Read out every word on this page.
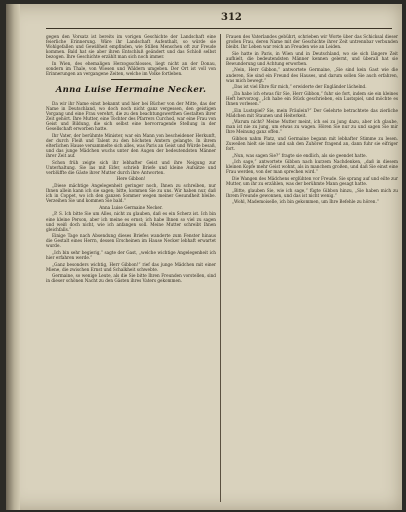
312

gegen den Vorsatz ist bereits im vorigen Geschichte der Landschaft eine feierliche Erinnerung. Wäre ihr Landschaft Aufenthalt, so würde sie Wohlgefallen und Gewißheit empfinden, wie Stillen Menschen oft zur Freude kommen. Bald hat sie aber ihren Entschluß geändert und das Schloß selbst bezogen. Ihre Geschichte erzählt man sich noch immer.

In Wien, des ehemaligen Herzogsschlosses, liegt nicht an der Donau, sondern im Thale, von Wiesen und Wäldern umgeben. Der Ort ist voll von Erinnerungen an vergangene Zeiten, welche im Volke fortleben.

Anna Luise Hermaine Necker.

Da wir ihr Name einst bekannt und hier bei Bücher von der Mitte, das der Name in Deutschland, wo doch noch nicht ganz vergessen, den geistigen Vorgang und eine Frau verehrt, die zu den beachtungswerthen Gestalten ihrer Zeit gehört. Ihre Mutter, eine Tochter des Pfarrers Curchod, war eine Frau von Geist und Bildung, die sich selbst eine hervorragende Stellung in der Gesellschaft erworben hatte.

Ihr Vater, der berühmte Minister, war ein Mann von bescheidener Herkunft, der durch Fleiß und Talent zu den höchsten Ämtern gelangte. In ihrem elterlichen Hause versammelte sich alles, was Paris an Geist und Würde besaß, und das junge Mädchen wuchs unter den Augen der bedeutendsten Männer ihrer Zeit auf.

Schon früh zeigte sich ihr lebhafter Geist und ihre Neigung zur Unterhaltung. Sie las mit Eifer, schrieb Briefe und kleine Aufsätze und verblüffte die Gäste ihrer Mutter durch ihre Antworten.

Here Gibbon!

„Diese mächtige Angelegenheit geringer noch, Ihnen zu schreiben, nur Ihnen allein kann ich sie sagen; bitte, kommen Sie zu uns. Wir haben nur, daß ich in Coppet, wo ich den ganzen Sommer wegen meiner Gesundheit bleibe. Verzeihen Sie und kommen Sie bald.“

Anna Luise Germaine Necker.

„P. S. Ich bitte Sie um Alles, nicht zu glauben, daß es ein Scherz ist. Ich bin eine kleine Person, aber ich meine es ernst; ich habe Ihnen so viel zu sagen und weiß doch nicht, wie ich anfangen soll. Meine Mutter schreibt Ihnen gleichfalls.“

Einige Tage nach Absendung dieses Briefes wanderte zum Fenster hinaus die Gestalt eines Herrn, dessen Erscheinen im Hause Necker lebhaft erwartet wurde.

„Ich bin sehr begierig,“ sagte der Gast, „welche wichtige Angelegenheit ich hier erfahren werde.“

„Ganz besonders wichtig, Herr Gibbon!“ rief das junge Mädchen mit einer Miene, die zwischen Ernst und Schalkheit schwebte.

Germaine, so wenige Leute, als die Sie bitte Ihren Freunden vorstellen, sind in dieser schönen Nacht zu den Gästen ihres Vaters gekommen.

Frauen des Vaterlandes gebührt, schrieben wir Worte über das Schicksal dieser großen Frau, deren Name mit der Geschichte ihrer Zeit untrennbar verbunden bleibt. Ihr Leben war reich an Freuden wie an Leiden.

Sie hatte in Paris, in Wien und in Deutschland, wo sie sich längere Zeit aufhielt, die bedeutendsten Männer kennen gelernt, und überall hat sie Bewunderung und Achtung erworben.

„Nein, Herr Gibbon,“ antwortete Germaine, „Sie sind kein Gast wie die anderen, Sie sind ein Freund des Hauses, und darum sollen Sie auch erfahren, was mich bewegt.“

„Das ist viel Ehre für mich,“ erwiderte der Engländer lächelnd.

„Da habe ich etwas für Sie, Herr Gibbon,“ fuhr sie fort, indem sie ein kleines Heft hervorzog. „Ich habe ein Stück geschrieben, ein Lustspiel, und möchte es Ihnen vorlesen.“

„Ein Lustspiel? Sie, mein Fräulein?“ Der Gelehrte betrachtete das zierliche Mädchen mit Staunen und Heiterkeit.

„Warum nicht? Meine Mutter meint, ich sei zu jung dazu, aber ich glaube, man ist nie zu jung, um etwas zu wagen. Hören Sie nur zu und sagen Sie mir Ihre Meinung ganz offen.“

Gibbon nahm Platz, und Germaine begann mit lebhafter Stimme zu lesen. Zuweilen hielt sie inne und sah den Zuhörer fragend an, dann fuhr sie eifriger fort.

„Nun, was sagen Sie?“ fragte sie endlich, als sie geendet hatte.

„Ich sage,“ antwortete Gibbon nach kurzem Nachdenken, „daß in diesem kleinen Kopfe mehr Geist wohnt, als in manchem großen, und daß Sie einst eine Frau werden, von der man sprechen wird.“

Die Wangen des Mädchens erglühten vor Freude. Sie sprang auf und eilte zur Mutter, um ihr zu erzählen, was der berühmte Mann gesagt hatte.

„Bitte, glauben Sie, wie ich sage,“ fügte Gibbon hinzu, „Sie haben mich zu Ihrem Freunde gewonnen, und das ist nicht wenig.“

„Wohl, Mademoiselle, ich bin gekommen, um Ihre Befehle zu hören.“
